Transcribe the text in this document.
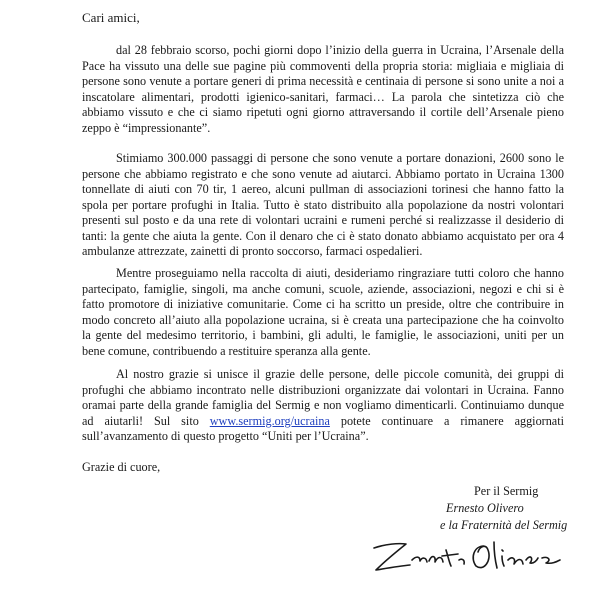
Cari amici,

dal 28 febbraio scorso, pochi giorni dopo l’inizio della guerra in Ucraina, l’Arsenale della Pace ha vissuto una delle sue pagine più commoventi della propria storia: migliaia e migliaia di persone sono venute a portare generi di prima necessità e centinaia di persone si sono unite a noi a inscatolare alimentari, prodotti igienico-sanitari, farmaci… La parola che sintetizza ciò che abbiamo vissuto e che ci siamo ripetuti ogni giorno attraversando il cortile dell’Arsenale pieno zeppo è “impressionante”.

Stimiamo 300.000 passaggi di persone che sono venute a portare donazioni, 2600 sono le persone che abbiamo registrato e che sono venute ad aiutarci. Abbiamo portato in Ucraina 1300 tonnellate di aiuti con 70 tir, 1 aereo, alcuni pullman di associazioni torinesi che hanno fatto la spola per portare profughi in Italia. Tutto è stato distribuito alla popolazione da nostri volontari presenti sul posto e da una rete di volontari ucraini e rumeni perché si realizzasse il desiderio di tanti: la gente che aiuta la gente. Con il denaro che ci è stato donato abbiamo acquistato per ora 4 ambulanze attrezzate, zainetti di pronto soccorso, farmaci ospedalieri.

Mentre proseguiamo nella raccolta di aiuti, desideriamo ringraziare tutti coloro che hanno partecipato, famiglie, singoli, ma anche comuni, scuole, aziende, associazioni, negozi e chi si è fatto promotore di iniziative comunitarie. Come ci ha scritto un preside, oltre che contribuire in modo concreto all’aiuto alla popolazione ucraina, si è creata una partecipazione che ha coinvolto la gente del medesimo territorio, i bambini, gli adulti, le famiglie, le associazioni, uniti per un bene comune, contribuendo a restituire speranza alla gente.

Al nostro grazie si unisce il grazie delle persone, delle piccole comunità, dei gruppi di profughi che abbiamo incontrato nelle distribuzioni organizzate dai volontari in Ucraina. Fanno oramai parte della grande famiglia del Sermig e non vogliamo dimenticarli. Continuiamo dunque ad aiutarli! Sul sito www.sermig.org/ucraina potete continuare a rimanere aggiornati sull’avanzamento di questo progetto “Uniti per l’Ucraina”.

Grazie di cuore,
Per il Sermig
Ernesto Olivero
e la Fraternità del Sermig
